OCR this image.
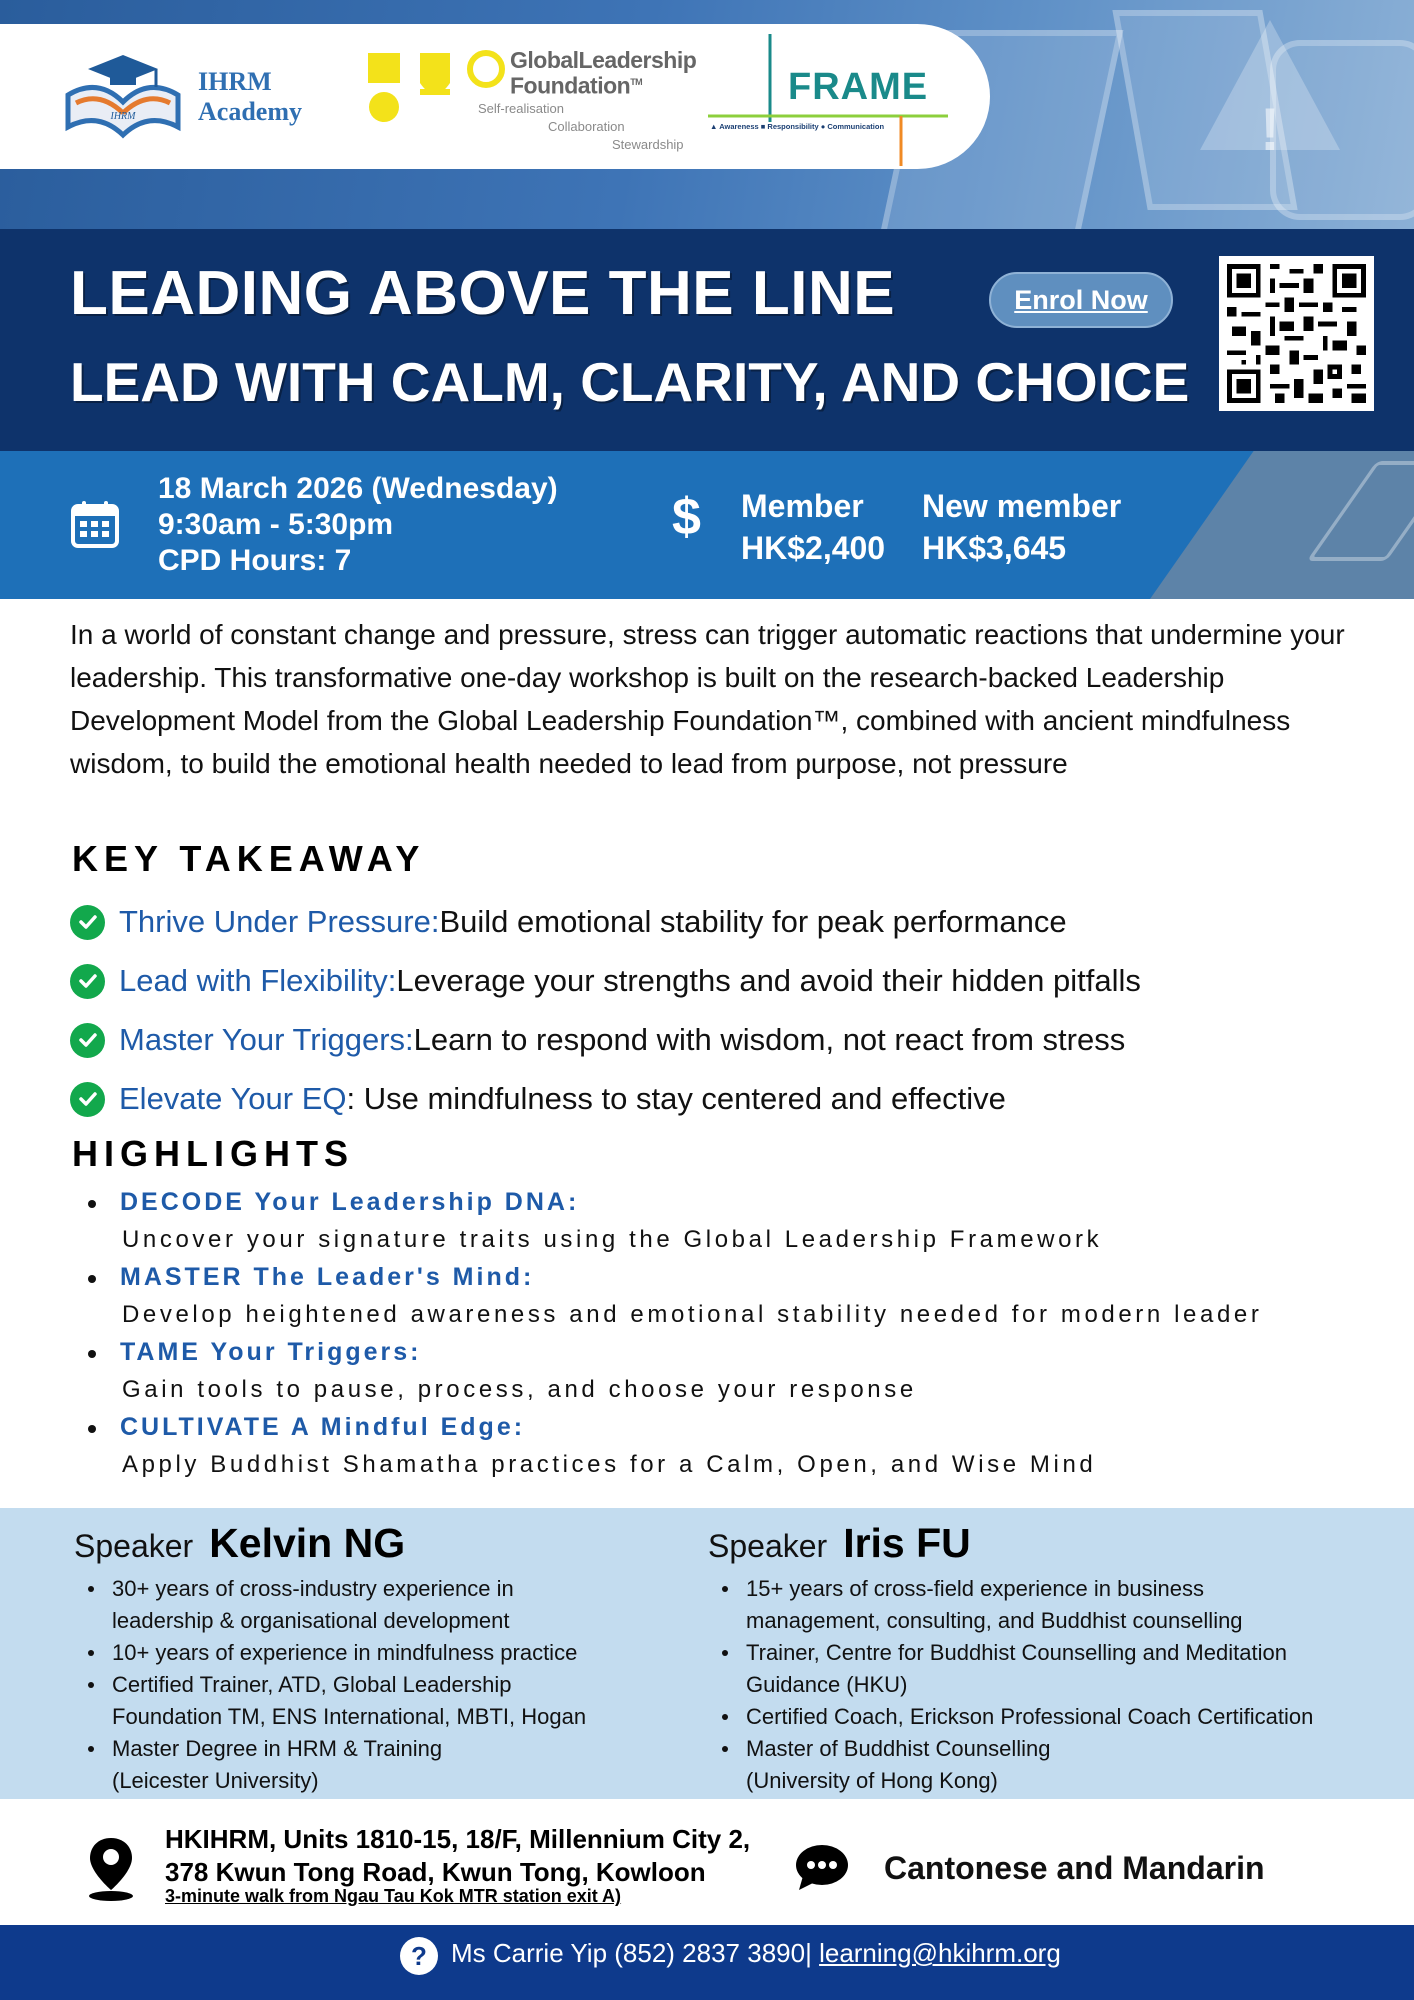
!
IHRM
IHRM
Academy
GlobalLeadership
Foundation™
Self-realisation
Collaboration
Stewardship
FRAME
▲ Awareness ■ Responsibility ● Communication
LEADING ABOVE THE LINE
LEAD WITH CALM, CLARITY, AND CHOICE
Enrol Now
18 March 2026 (Wednesday)
9:30am - 5:30pm
CPD Hours: 7
$ Member
HK$2,400
New member
HK$3,645

In a world of constant change and pressure, stress can trigger automatic reactions that undermine your leadership. This transformative one-day workshop is built on the research-backed Leadership Development Model from the Global Leadership Foundation™, combined with ancient mindfulness wisdom, to build the emotional health needed to lead from purpose, not pressure

KEY TAKEAWAY
Thrive Under Pressure: Build emotional stability for peak performance
Lead with Flexibility: Leverage your strengths and avoid their hidden pitfalls
Master Your Triggers: Learn to respond with wisdom, not react from stress
Elevate Your EQ : Use mindfulness to stay centered and effective
HIGHLIGHTS
DECODE Your Leadership DNA:
Uncover your signature traits using the Global Leadership Framework
MASTER The Leader's Mind:
Develop heightened awareness and emotional stability needed for modern leader
TAME Your Triggers:
Gain tools to pause, process, and choose your response
CULTIVATE A Mindful Edge:
Apply Buddhist Shamatha practices for a Calm, Open, and Wise Mind
Speaker Kelvin NG
30+ years of cross-industry experience in
leadership & organisational development
10+ years of experience in mindfulness practice
Certified Trainer, ATD, Global Leadership
Foundation TM, ENS International, MBTI, Hogan
Master Degree in HRM & Training
(Leicester University)
Speaker Iris FU
15+ years of cross-field experience in business
management, consulting, and Buddhist counselling
Trainer, Centre for Buddhist Counselling and Meditation
Guidance (HKU)
Certified Coach, Erickson Professional Coach Certification
Master of Buddhist Counselling
(University of Hong Kong)
HKIHRM, Units 1810-15, 18/F, Millennium City 2,
378 Kwun Tong Road, Kwun Tong, Kowloon
3-minute walk from Ngau Tau Kok MTR station exit A)
Cantonese and Mandarin
? Ms Carrie Yip (852) 2837 3890| learning@hkihrm.org
